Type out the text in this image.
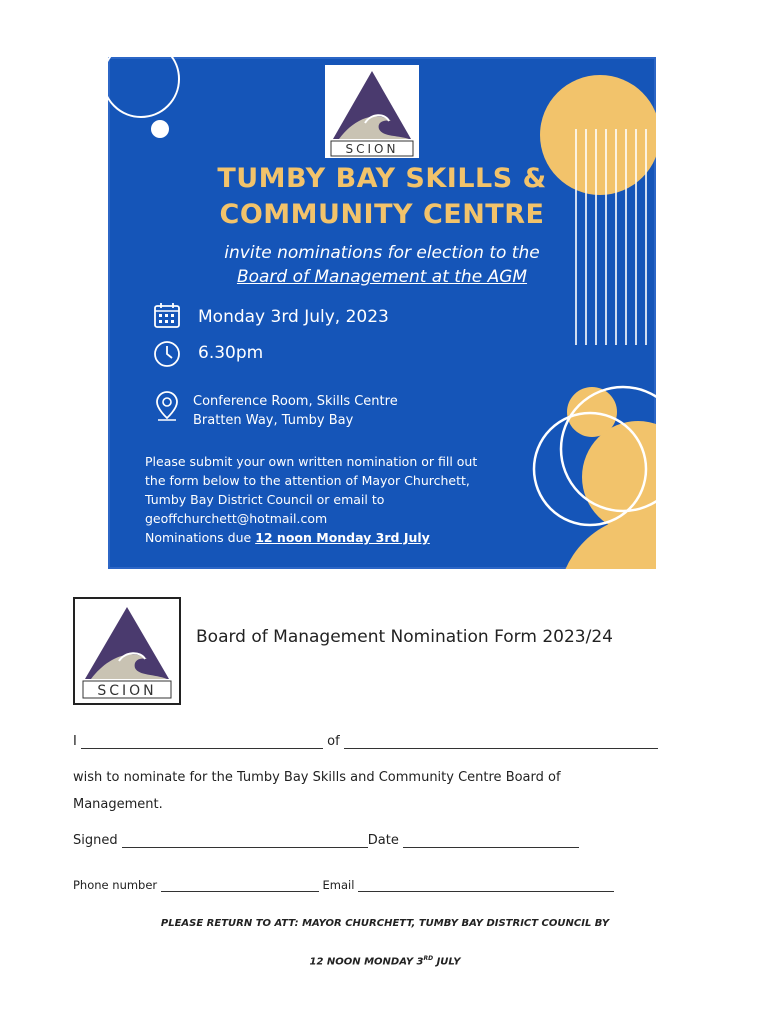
SCION
TUMBY BAY SKILLS &
COMMUNITY CENTRE
invite nominations for election to the
Board of Management at the AGM
Monday 3rd July, 2023
6.30pm
Conference Room, Skills Centre
Bratten Way, Tumby Bay
Please submit your own written nomination or fill out
the form below to the attention of Mayor Churchett,
Tumby Bay District Council or email to
geoffchurchett@hotmail.com
Nominations due 12 noon Monday 3rd July
SCION
Board of Management Nomination Form 2023/24
I	of
wish to nominate for the Tumby Bay Skills and Community Centre Board of
Management.
Signed	Date
Phone number	Email
PLEASE RETURN TO ATT: MAYOR CHURCHETT, TUMBY BAY DISTRICT COUNCIL BY
12 NOON MONDAY 3RD JULY
